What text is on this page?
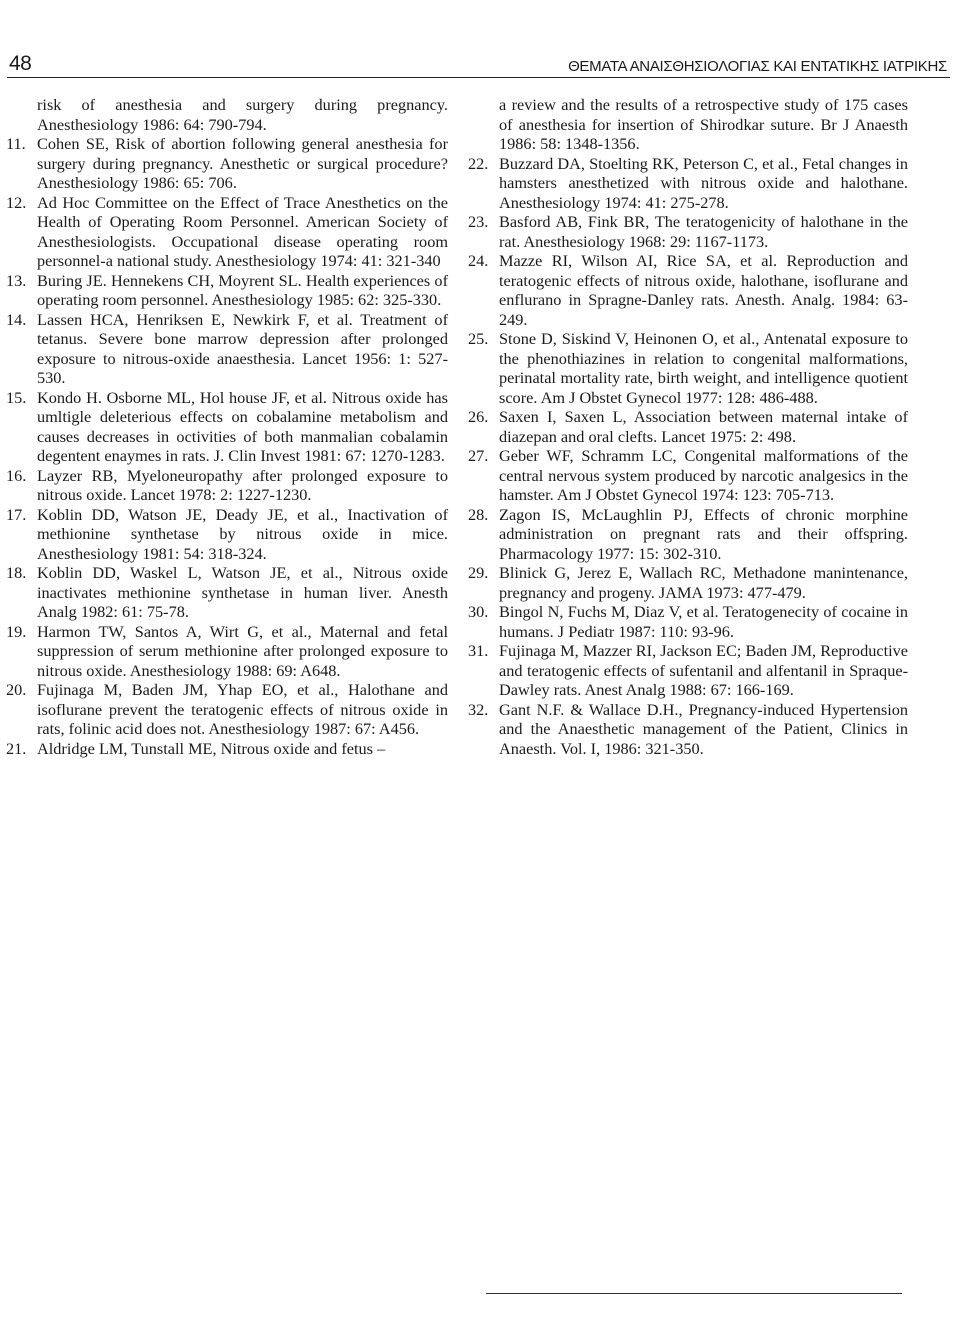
48	ΘΕΜΑΤΑ ΑΝΑΙΣΘΗΣΙΟΛΟΓΙΑΣ ΚΑΙ ΕΝΤΑΤΙΚΗΣ ΙΑΤΡΙΚΗΣ
risk of anesthesia and surgery during pregnancy. Anesthesiology 1986: 64: 790-794.
11. Cohen SE, Risk of abortion following general anesthesia for surgery during pregnancy. Anesthetic or surgical procedure? Anesthesiology 1986: 65: 706.
12. Ad Hoc Committee on the Effect of Trace Anesthetics on the Health of Operating Room Personnel. American Society of Anesthesiologists. Occupational disease operating room personnel-a national study. Anesthesiology 1974: 41: 321-340
13. Buring JE. Hennekens CH, Moyrent SL. Health experiences of operating room personnel. Anesthesiology 1985: 62: 325-330.
14. Lassen HCA, Henriksen E, Newkirk F, et al. Treatment of tetanus. Severe bone marrow depression after prolonged exposure to nitrous-oxide anaesthesia. Lancet 1956: 1: 527-530.
15. Kondo H. Osborne ML, Hol house JF, et al. Nitrous oxide has umltigle deleterious effects on cobalamine metabolism and causes decreases in octivities of both manmalian cobalamin degentent enaymes in rats. J. Clin Invest 1981: 67: 1270-1283.
16. Layzer RB, Myeloneuropathy after prolonged exposure to nitrous oxide. Lancet 1978: 2: 1227-1230.
17. Koblin DD, Watson JE, Deady JE, et al., Inactivation of methionine synthetase by nitrous oxide in mice. Anesthesiology 1981: 54: 318-324.
18. Koblin DD, Waskel L, Watson JE, et al., Nitrous oxide inactivates methionine synthetase in human liver. Anesth Analg 1982: 61: 75-78.
19. Harmon TW, Santos A, Wirt G, et al., Maternal and fetal suppression of serum methionine after prolonged exposure to nitrous oxide. Anesthesiology 1988: 69: A648.
20. Fujinaga M, Baden JM, Yhap EO, et al., Halothane and isoflurane prevent the teratogenic effects of nitrous oxide in rats, folinic acid does not. Anesthesiology 1987: 67: A456.
21. Aldridge LM, Tunstall ME, Nitrous oxide and fetus –
a review and the results of a retrospective study of 175 cases of anesthesia for insertion of Shirodkar suture. Br J Anaesth 1986: 58: 1348-1356.
22. Buzzard DA, Stoelting RK, Peterson C, et al., Fetal changes in hamsters anesthetized with nitrous oxide and halothane. Anesthesiology 1974: 41: 275-278.
23. Basford AB, Fink BR, The teratogenicity of halothane in the rat. Anesthesiology 1968: 29: 1167-1173.
24. Mazze RI, Wilson AI, Rice SA, et al. Reproduction and teratogenic effects of nitrous oxide, halothane, isoflurane and enflurano in Spragne-Danley rats. Anesth. Analg. 1984: 63-249.
25. Stone D, Siskind V, Heinonen O, et al., Antenatal exposure to the phenothiazines in relation to congenital malformations, perinatal mortality rate, birth weight, and intelligence quotient score. Am J Obstet Gynecol 1977: 128: 486-488.
26. Saxen I, Saxen L, Association between maternal intake of diazepan and oral clefts. Lancet 1975: 2: 498.
27. Geber WF, Schramm LC, Congenital malformations of the central nervous system produced by narcotic analgesics in the hamster. Am J Obstet Gynecol 1974: 123: 705-713.
28. Zagon IS, McLaughlin PJ, Effects of chronic morphine administration on pregnant rats and their offspring. Pharmacology 1977: 15: 302-310.
29. Blinick G, Jerez E, Wallach RC, Methadone manintenance, pregnancy and progeny. JAMA 1973: 477-479.
30. Bingol N, Fuchs M, Diaz V, et al. Teratogenecity of cocaine in humans. J Pediatr 1987: 110: 93-96.
31. Fujinaga M, Mazzer RI, Jackson EC; Baden JM, Reproductive and teratogenic effects of sufentanil and alfentanil in Spraque-Dawley rats. Anest Analg 1988: 67: 166-169.
32. Gant N.F. & Wallace D.H., Pregnancy-induced Hypertension and the Anaesthetic management of the Patient, Clinics in Anaesth. Vol. I, 1986: 321-350.
